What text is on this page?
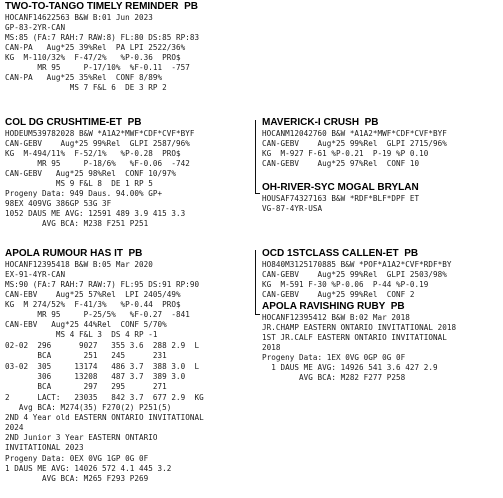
TWO-TO-TANGO TIMELY REMINDER  PB
HOCANF14622563 B&W B:01 Jun 2023
GP-83-2YR-CAN
MS:85 (FA:7 RAH:7 RAW:8) FL:80 DS:85 RP:83
CAN-PA   Aug*25 39%Rel  PA LPI 2522/36%
KG  M-110/32%  F-47/2%   %P-0.36  PRO$
MR 95     P-17/10%  %F-0.11  -757
CAN-PA   Aug*25 35%Rel  CONF 8/89%
MS 7 F&L 6  DE 3 RP 2
COL DG CRUSHTIME-ET  PB
HODEUM539782028 B&W *A1A2*MWF*CDF*CVF*BYF
CAN-GEBV    Aug*25 99%Rel  GLPI 2587/96%
KG  M-494/11%  F-52/1%   %P-0.28  PRO$
MR 95     P-18/6%   %F-0.06  -742
CAN-GEBV   Aug*25 98%Rel  CONF 10/97%
MS 9 F&L 8  DE 1 RP 5
Progeny Data: 949 Daus. 94.00% GP+
98EX 409VG 386GP 53G 3F
1052 DAUS ME AVG: 12591 489 3.9 415 3.3
AVG BCA: M238 F251 P251
APOLA RUMOUR HAS IT  PB
HOCANF12395418 B&W B:05 Mar 2020
EX-91-4YR-CAN
MS:90 (FA:7 RAH:7 RAW:7) FL:95 DS:91 RP:90
CAN-EBV    Aug*25 57%Rel  LPI 2405/49%
KG  M 274/52%  F-41/3%   %P-0.44  PRO$
MR 95     P-25/5%   %F-0.27  -841
CAN-EBV   Aug*25 44%Rel  CONF 5/70%
MS 4 F&L 3  DS 4 RP -1
02-02  296      9027   355 3.6  288 2.9  L
BCA       251   245      231
03-02  305     13174   486 3.7  388 3.0  L
306     13208   487 3.7  389 3.0
BCA       297   295      271
2      LACT:   23035   842 3.7  677 2.9  KG
Avg BCA: M274(35) F270(2) P251(5)
2ND 4 Year old EASTERN ONTARIO INVITATIONAL
2024
2ND Junior 3 Year EASTERN ONTARIO
INVITATIONAL 2023
Progeny Data: 0EX 0VG 1GP 0G 0F
1 DAUS ME AVG: 14026 572 4.1 445 3.2
AVG BCA: M265 F293 P269
MAVERICK-I CRUSH  PB
HOCANM12042760 B&W *A1A2*MWF*CDF*CVF*BYF
CAN-GEBV    Aug*25 99%Rel  GLPI 2715/96%
KG  M-927 F-61 %P-0.21  P-19 %P 0.10
CAN-GEBV    Aug*25 97%Rel  CONF 10
OH-RIVER-SYC MOGAL BRYLAN
HOUSAF74327163 B&W *RDF*BLF*DPF ET
VG-87-4YR-USA
OCD 1STCLASS CALLEN-ET  PB
HO840M3125170885 B&W *POF*A1A2*CVF*RDF*BY
CAN-GEBV    Aug*25 99%Rel  GLPI 2503/98%
KG  M-591 F-30 %P-0.06  P-44 %P-0.19
CAN-GEBV    Aug*25 99%Rel  CONF 2
APOLA RAVISHING RUBY  PB
HOCANF12395412 B&W B:02 Mar 2018
JR.CHAMP EASTERN ONTARIO INVITATIONAL 2018
1ST JR.CALF EASTERN ONTARIO INVITATIONAL
2018
Progeny Data: 1EX 0VG 0GP 0G 0F
1 DAUS ME AVG: 14926 541 3.6 427 2.9
AVG BCA: M282 F277 P258
